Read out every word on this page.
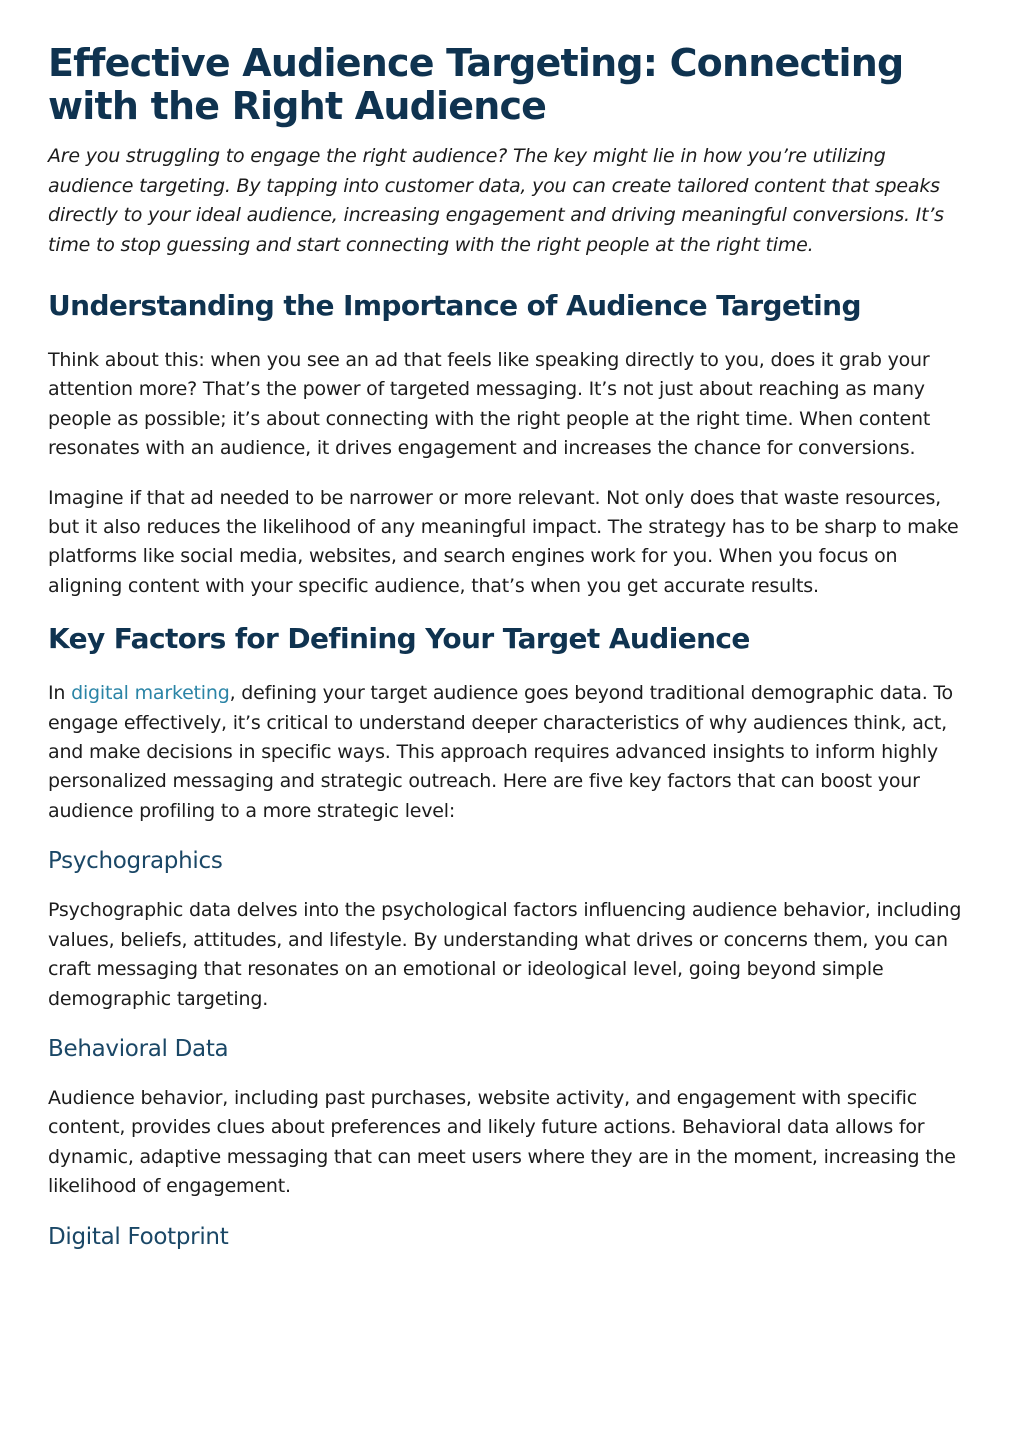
Effective Audience Targeting: Connecting with the Right Audience

Are you struggling to engage the right audience? The key might lie in how you’re utilizing audience targeting. By tapping into customer data, you can create tailored content that speaks directly to your ideal audience, increasing engagement and driving meaningful conversions. It’s time to stop guessing and start connecting with the right people at the right time.

Understanding the Importance of Audience Targeting

Think about this: when you see an ad that feels like speaking directly to you, does it grab your attention more? That’s the power of targeted messaging. It’s not just about reaching as many people as possible; it’s about connecting with the right people at the right time. When content resonates with an audience, it drives engagement and increases the chance for conversions.

Imagine if that ad needed to be narrower or more relevant. Not only does that waste resources, but it also reduces the likelihood of any meaningful impact. The strategy has to be sharp to make platforms like social media, websites, and search engines work for you. When you focus on aligning content with your specific audience, that’s when you get accurate results.

Key Factors for Defining Your Target Audience

In digital marketing, defining your target audience goes beyond traditional demographic data. To engage effectively, it’s critical to understand deeper characteristics of why audiences think, act, and make decisions in specific ways. This approach requires advanced insights to inform highly personalized messaging and strategic outreach. Here are five key factors that can boost your audience profiling to a more strategic level:

Psychographics

Psychographic data delves into the psychological factors influencing audience behavior, including values, beliefs, attitudes, and lifestyle. By understanding what drives or concerns them, you can craft messaging that resonates on an emotional or ideological level, going beyond simple demographic targeting.

Behavioral Data

Audience behavior, including past purchases, website activity, and engagement with specific content, provides clues about preferences and likely future actions. Behavioral data allows for dynamic, adaptive messaging that can meet users where they are in the moment, increasing the likelihood of engagement.

Digital Footprint
